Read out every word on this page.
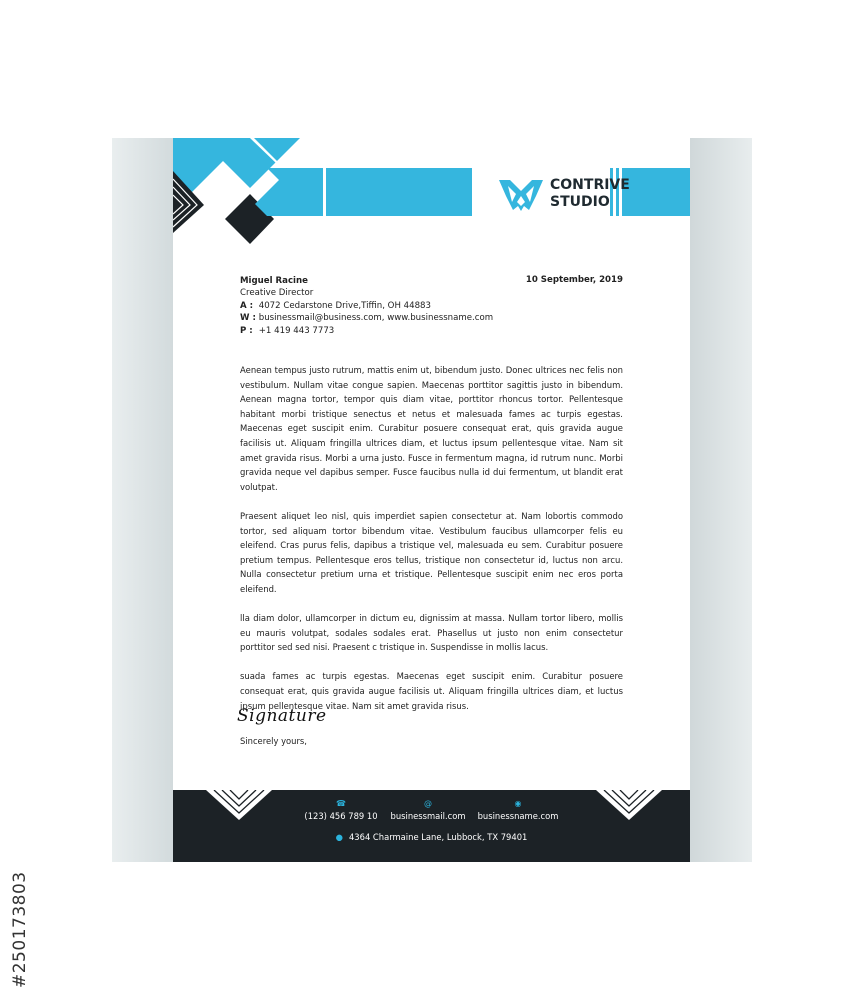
#250173803
CONTRIVE
STUDIO
Miguel Racine
Creative Director
A : 4072 Cedarstone Drive,Tiffin, OH 44883
W : businessmail@business.com, www.businessname.com
P : +1 419 443 7773
10 September, 2019

Aenean tempus justo rutrum, mattis enim ut, bibendum justo. Donec ultrices nec felis non vestibulum. Nullam vitae congue sapien. Maecenas porttitor sagittis justo in bibendum. Aenean magna tortor, tempor quis diam vitae, porttitor rhoncus tortor. Pellentesque habitant morbi tristique senectus et netus et malesuada fames ac turpis egestas. Maecenas eget suscipit enim. Curabitur posuere consequat erat, quis gravida augue facilisis ut. Aliquam fringilla ultrices diam, et luctus ipsum pellentesque vitae. Nam sit amet gravida risus. Morbi a urna justo. Fusce in fermentum magna, id rutrum nunc. Morbi gravida neque vel dapibus semper. Fusce faucibus nulla id dui fermentum, ut blandit erat volutpat.

Praesent aliquet leo nisl, quis imperdiet sapien consectetur at. Nam lobortis commodo tortor, sed aliquam tortor bibendum vitae. Vestibulum faucibus ullamcorper felis eu eleifend. Cras purus felis, dapibus a tristique vel, malesuada eu sem. Curabitur posuere pretium tempus. Pellentesque eros tellus, tristique non consectetur id, luctus non arcu. Nulla consectetur pretium urna et tristique. Pellentesque suscipit enim nec eros porta eleifend.

lla diam dolor, ullamcorper in dictum eu, dignissim at massa. Nullam tortor libero, mollis eu mauris volutpat, sodales sodales erat. Phasellus ut justo non enim consectetur porttitor sed sed nisi. Praesent c tristique in. Suspendisse in mollis lacus.

suada fames ac turpis egestas. Maecenas eget suscipit enim. Curabitur posuere consequat erat, quis gravida augue facilisis ut. Aliquam fringilla ultrices diam, et luctus ipsum pellentesque vitae. Nam sit amet gravida risus.

Signature
Sincerely yours,
☎
(123) 456 789 10
@
businessmail.com
◉
businessname.com
● 4364 Charmaine Lane, Lubbock, TX 79401
